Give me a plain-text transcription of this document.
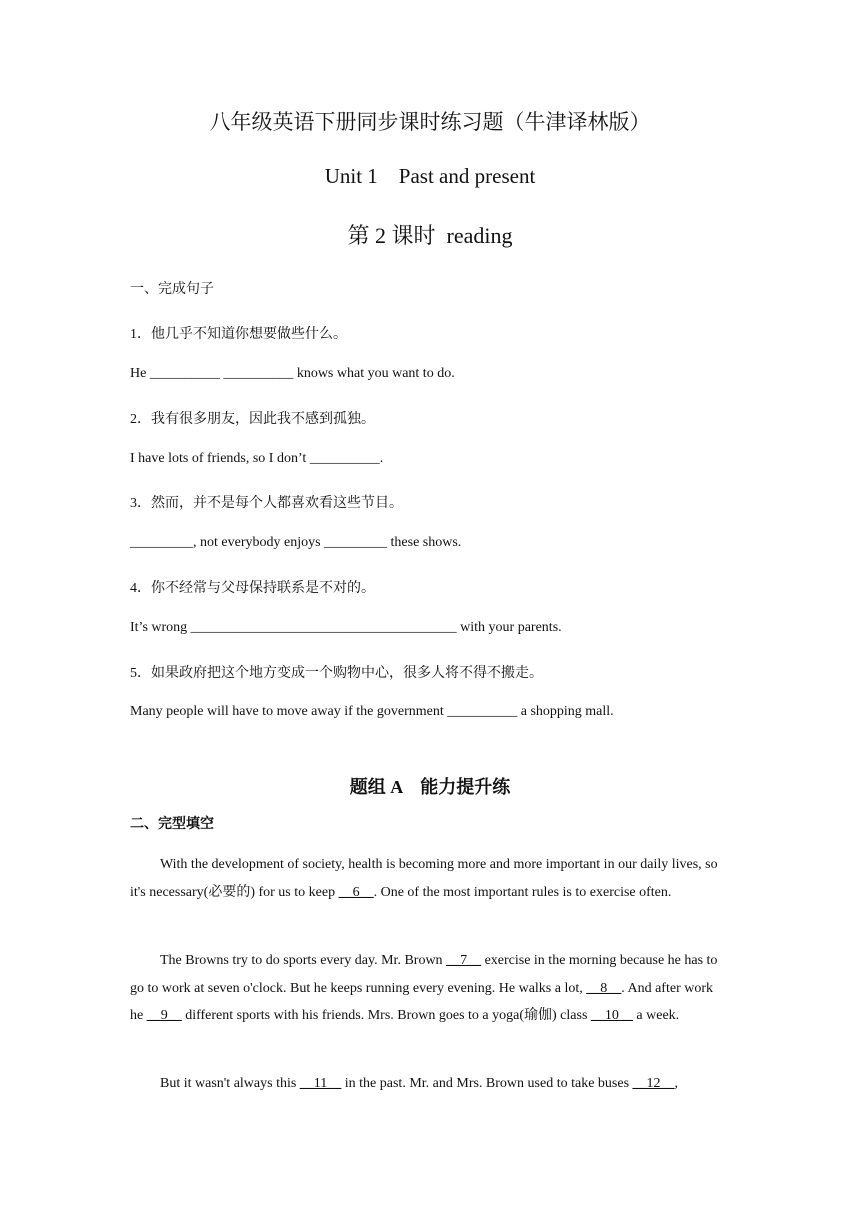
八年级英语下册同步课时练习题（牛津译林版）
Unit 1    Past and present
第 2 课时  reading
一、完成句子
1．他几乎不知道你想要做些什么。
He __________ __________ knows what you want to do.
2．我有很多朋友，因此我不感到孤独。
I have lots of friends, so I don’t __________.
3．然而，并不是每个人都喜欢看这些节目。
_________, not everybody enjoys _________ these shows.
4．你不经常与父母保持联系是不对的。
It’s wrong ______________________________________ with your parents.
5．如果政府把这个地方变成一个购物中心，很多人将不得不搬走。
Many people will have to move away if the government __________ a shopping mall.
题组 A    能力提升练
二、完型填空
With the development of society, health is becoming more and more important in our daily lives, so it's necessary(必要的) for us to keep __6__. One of the most important rules is to exercise often.
The Browns try to do sports every day. Mr. Brown __7__ exercise in the morning because he has to go to work at seven o'clock. But he keeps running every evening. He walks a lot, __8__. And after work he __9__ different sports with his friends. Mrs. Brown goes to a yoga(瑜伽) class __10__ a week.
But it wasn't always this __11__ in the past. Mr. and Mrs. Brown used to take buses __12__,
